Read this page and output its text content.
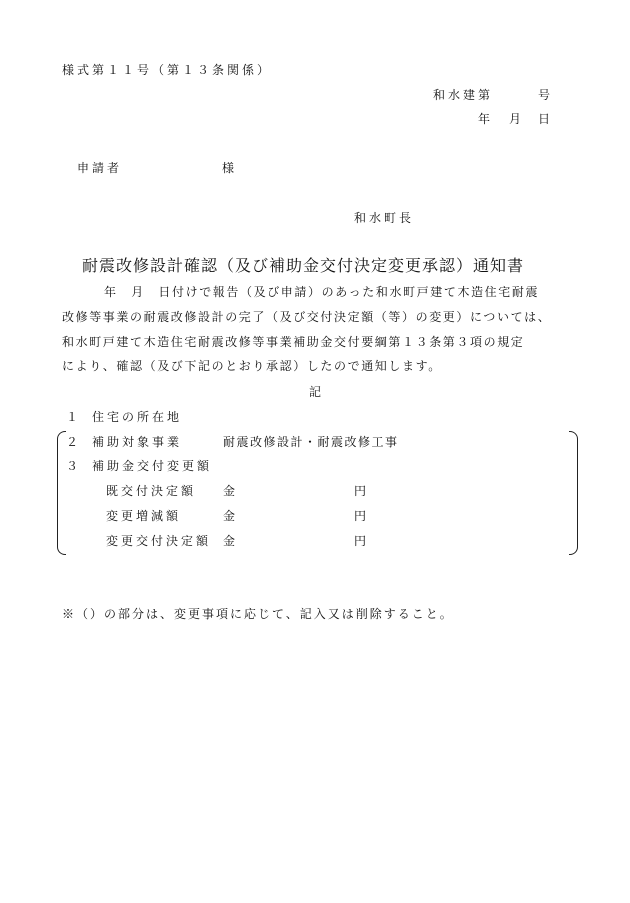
様式第１１号（第１３条関係）
和水建第	号
年 月 日
申請者	様
和水町長
耐震改修設計確認（及び補助金交付決定変更承認）通知書
年　月　日付けで報告（及び申請）のあった和水町戸建て木造住宅耐震
改修等事業の耐震改修設計の完了（及び交付決定額（等）の変更）については、
和水町戸建て木造住宅耐震改修等事業補助金交付要綱第１３条第３項の規定
により、確認（及び下記のとおり承認）したので通知します。
記
１ 住宅の所在地
２ 補助対象事業	耐震改修設計・耐震改修工事
３ 補助金交付変更額
既交付決定額 金	円
変更増減額	金	円
変更交付決定額 金	円
※（）の部分は、変更事項に応じて、記入又は削除すること。
